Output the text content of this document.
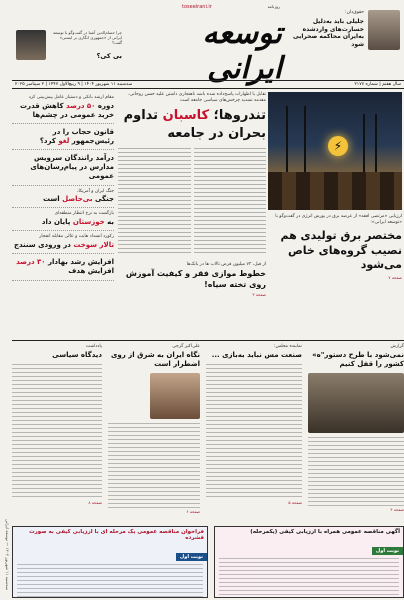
سه‌شنبه ۱۱ شهریور ۱۴۰۴ — توسعه ایرانی
حقوق‌دان:
جلیلی باید به‌دلیل خسارت‌های واردشده به‌ایران محاکمه صحرایی شود
toseeirani.ir	روزنامه
توسعه ایرانی
چرا حسام‌الدین آشنا در گفت‌وگو با توسعه ایرانی از «جمهوری انگاری بر ایستی» گفت؟
بی کی؟
سال هفتم | شماره ۲۱۷۷
سه‌شنبه ۱۱ شهریور ۱۴۰۴ | ۹ ربیع‌الاول ۱۴۴۷ | ۲ سپتامبر ۲۰۲۵
⚡
ارزیابی «مرتضی افقه» از عرضه برق در بورس انرژی در گفت‌وگو با «توسعه ایرانی»:
مختصر برق تولیدی هم نصیب گروه‌های خاص می‌شود
صفحه ۷
تقابل با اظهارات پاسخ‌داده شده باشد ناهنجاری داشتن علیه حسن روحانی، مقدمه تشدید چرخش‌های سیاسی جامعه است
تندروها؛ کاسبان تداوم بحران در جامعه
از قبل، ۷۳ میلیون قرض تالاب ها در بانک‌ها
خطوط موازی فقر و کیفیت آموزش روی تخته سیاه!
صفحه ۳
مقام ارشد بانکی و دستیار عامل پیش‌بینی کرد
دوره ۵۰ درصد کاهش قدرت خرید عمومی در چشم‌ها
قانون حجاب را در رئیس‌جمهور لغو کرد؟
درآمد رانندگان سرویس مدارس در پیام‌رسان‌های عمومی
جنگ ایران و آمریکا،
جنگی بی‌حاصل است
بازگشت به نرخ انتظار منطقه‌ای
به خوزستان پایان داد
رکورد انسداد هایت و عالی مقابله انفجار
تالار سوخت در ورودی سنندج
افزایش رشد بهادار ۳۰ درصد افزایش هدف
گزارش
نمی‌شود با طرح دستور"ه» کشور را قفل کنیم
صفحه ۴
نماینده مجلس:
صنعت مس نبايد به‌بازی ...
صفحه ۵
علی‌اکبر گرجی
نگاه ایران به شرق از روی اضطرار است
صفحه ۶
یادداشت
دیدگاه سیاسی
صفحه ۸
آگهی مناقصه عمومی همراه با ارزیابی کیفی (یکمرحله)
نوبت اول
فراخوان مناقصه عمومی یک مرحله ای با ارزیابی کیفی به صورت فشرده
نوبت اول
